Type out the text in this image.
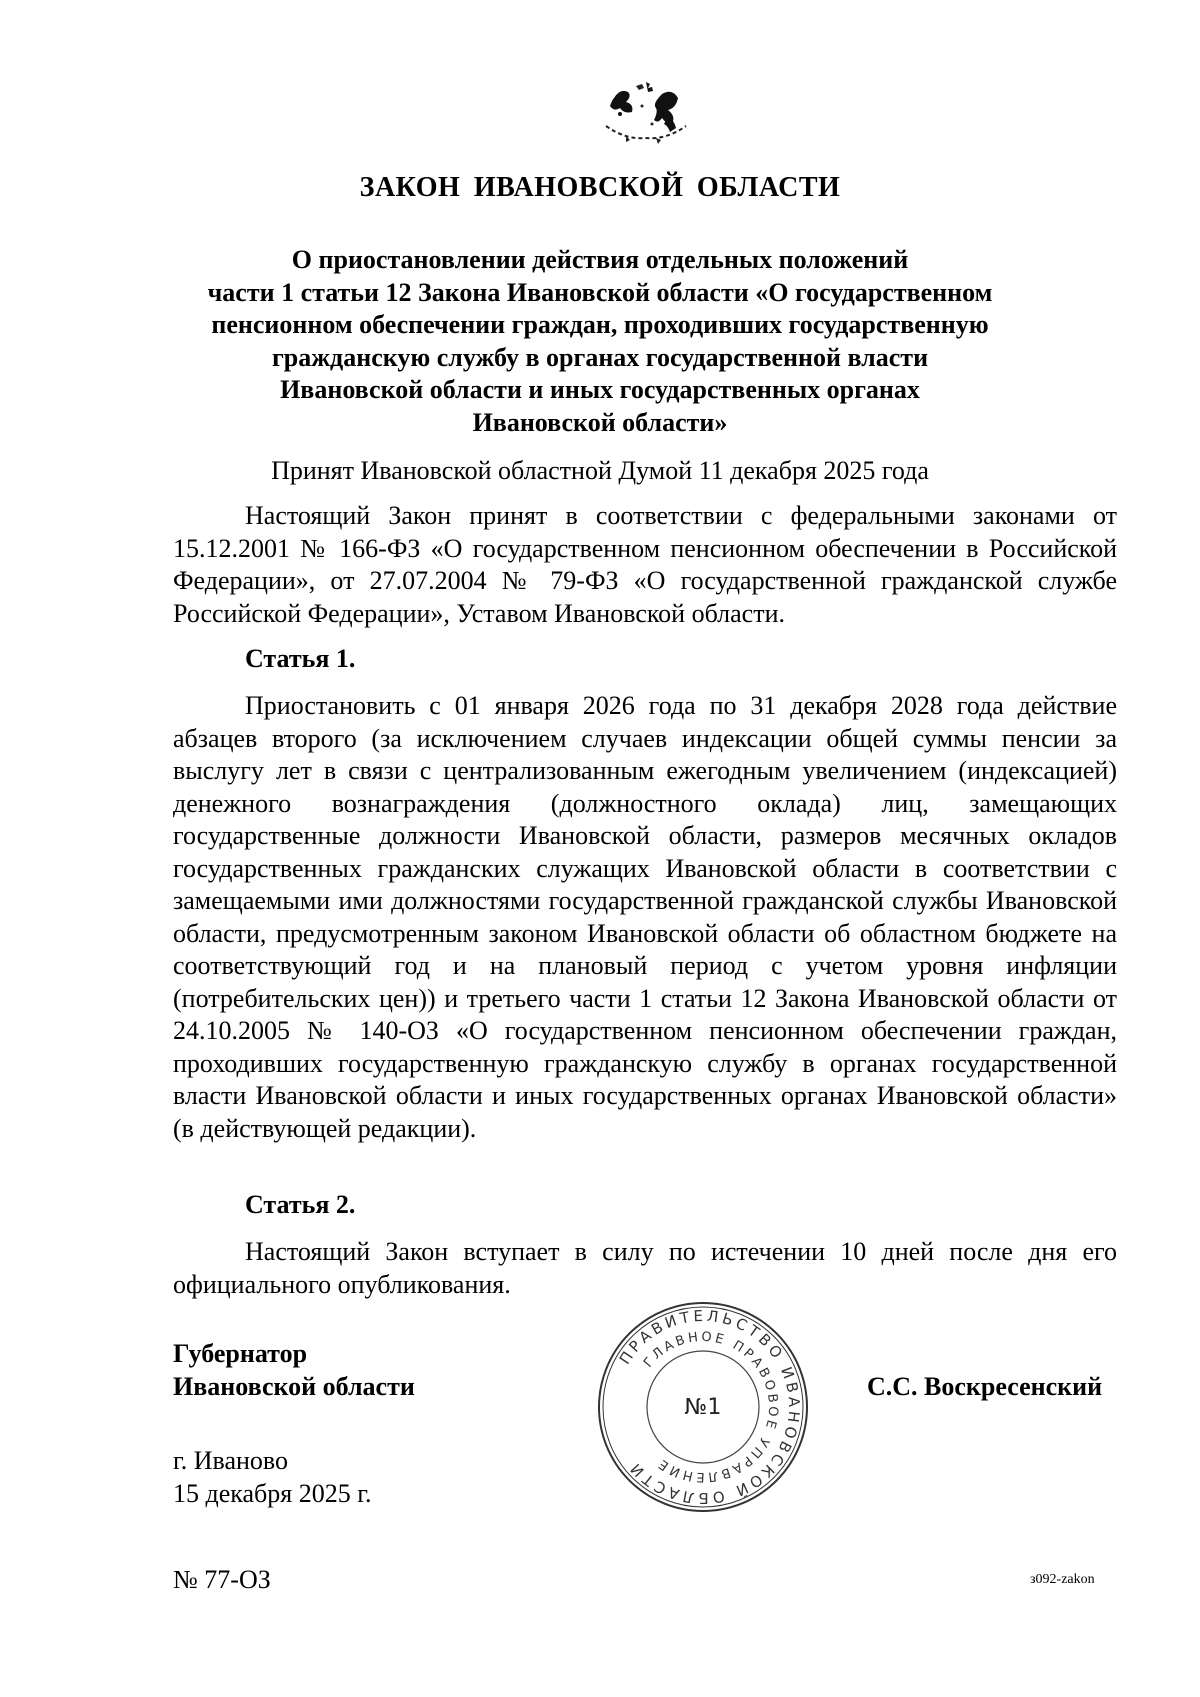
ЗАКОН ИВАНОВСКОЙ ОБЛАСТИ
О приостановлении действия отдельных положений
части 1 статьи 12 Закона Ивановской области «О государственном
пенсионном обеспечении граждан, проходивших государственную
гражданскую службу в органах государственной власти
Ивановской области и иных государственных органах
Ивановской области»
Принят Ивановской областной Думой 11 декабря 2025 года

Настоящий Закон принят в соответствии с федеральными законами от 15.12.2001 № 166-ФЗ «О государственном пенсионном обеспечении в Российской Федерации», от 27.07.2004 № 79-ФЗ «О государственной гражданской службе Российской Федерации», Уставом Ивановской области.

Статья 1.

Приостановить с 01 января 2026 года по 31 декабря 2028 года действие абзацев второго (за исключением случаев индексации общей суммы пенсии за выслугу лет в связи с централизованным ежегодным увеличением (индексацией) денежного вознаграждения (должностного оклада) лиц, замещающих государственные должности Ивановской области, размеров месячных окладов государственных гражданских служащих Ивановской области в соответствии с замещаемыми ими должностями государственной гражданской службы Ивановской области, предусмотренным законом Ивановской области об областном бюджете на соответствующий год и на плановый период с учетом уровня инфляции (потребительских цен)) и третьего части 1 статьи 12 Закона Ивановской области от 24.10.2005 № 140-ОЗ «О государственном пенсионном обеспечении граждан, проходивших государственную гражданскую службу в органах государственной власти Ивановской области и иных государственных органах Ивановской области» (в действующей редакции).

Статья 2.

Настоящий Закон вступает в силу по истечении 10 дней после дня его официального опубликования.

Губернатор
Ивановской области
ПРАВИТЕЛЬСТВО ИВАНОВСКОЙ ОБЛАСТИ
ГЛАВНОЕ ПРАВОВОЕ УПРАВЛЕНИЕ
№1
С.С. Воскресенский
г. Иваново
15 декабря 2025 г.
№ 77-ОЗ	з092-zakon
